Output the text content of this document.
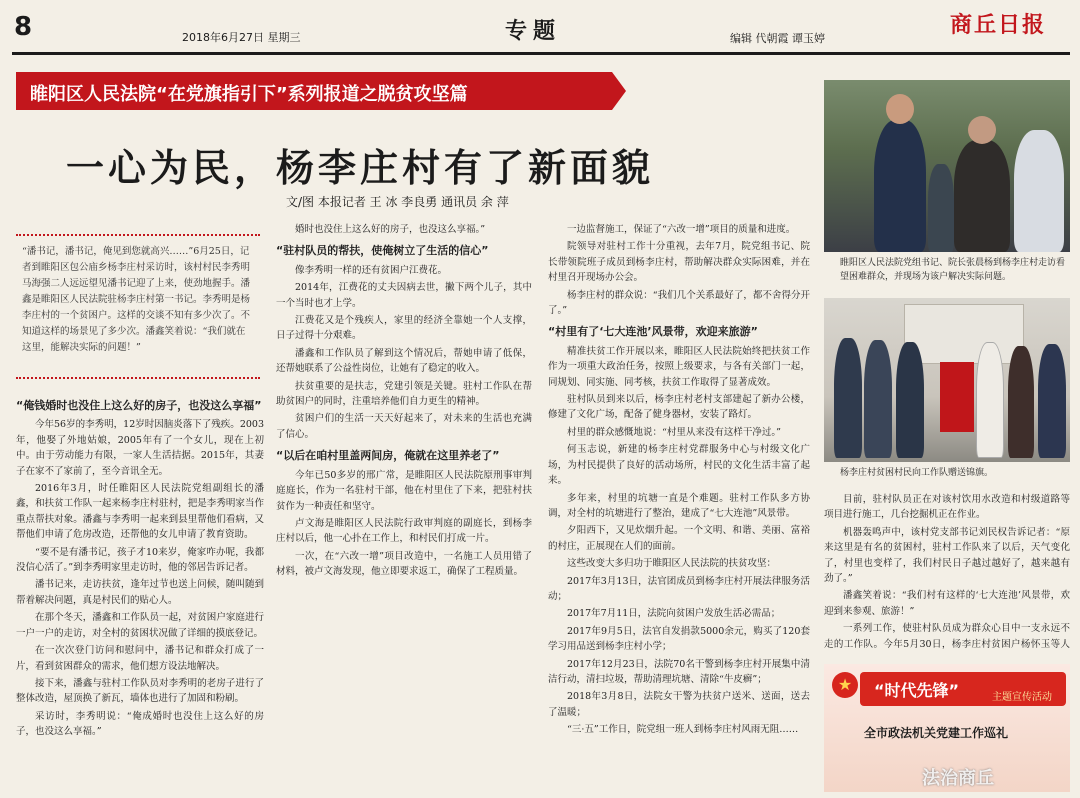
8	2018年6月27日 星期三	专题	编辑 代朝霞 谭玉婷
商丘日报
睢阳区人民法院“在党旗指引下”系列报道之脱贫攻坚篇
一心为民，杨李庄村有了新面貌
文/图 本报记者 王 冰 李良勇 通讯员 余 萍

“潘书记，潘书记，俺见到您就高兴……”6月25日，记者到睢阳区包公庙乡杨李庄村采访时，该村村民李秀明马海强二人远远望见潘书记迎了上来，使劲地握手。潘鑫是睢阳区人民法院驻杨李庄村第一书记。李秀明是杨李庄村的一个贫困户。这样的交谈不知有多少次了。不知道这样的场景见了多少次。潘鑫笑着说：“我们就在这里，能解决实际的问题！”

“俺钱婚时也没住上这么好的房子，也没这么享福”

今年56岁的李秀明，12岁时因脑炎落下了残疾。2003年，他娶了外地姑娘，2005年有了一个女儿，现在上初中。由于劳动能力有限，一家人生活拮据。2015年，其妻子在家不了家前了，至今音讯全无。

2016年3月，时任睢阳区人民法院党组副组长的潘鑫，和扶贫工作队一起来杨李庄村驻村，把是李秀明家当作重点帮扶对象。潘鑫与李秀明一起来到县里帮他们看病，又帮他们申请了危房改造，还帮他的女儿申请了教育资助。

“要不是有潘书记，孩子才10来岁，俺家咋办呢，我都没信心活了。”到李秀明家里走访时，他的邻居告诉记者。

潘书记来，走访扶贫，逢年过节也送上问候，随叫随到帮着解决问题，真是村民们的贴心人。

在那个冬天，潘鑫和工作队员一起，对贫困户家庭进行一户一户的走访，对全村的贫困状况做了详细的摸底登记。

在一次次登门访问和慰问中，潘书记和群众打成了一片，看到贫困群众的需求，他们想方设法地解决。

接下来，潘鑫与驻村工作队员对李秀明的老房子进行了整体改造，屋顶换了新瓦，墙体也进行了加固和粉刷。

采访时，李秀明说：“俺成婚时也没住上这么好的房子，也没这么享福。”

婚时也没住上这么好的房子，也没这么享福。”

“驻村队员的帮扶，使俺树立了生活的信心”

像李秀明一样的还有贫困户江费花。

2014年，江费花的丈夫因病去世，撇下两个儿子，其中一个当时也才上学。

江费花又是个残疾人，家里的经济全靠她一个人支撑，日子过得十分艰难。

潘鑫和工作队员了解到这个情况后，帮她申请了低保，还帮她联系了公益性岗位，让她有了稳定的收入。

扶贫重要的是扶志，党建引领是关键。驻村工作队在帮助贫困户的同时，注重培养他们自力更生的精神。

贫困户们的生活一天天好起来了，对未来的生活也充满了信心。

“以后在咱村里盖两间房，俺就在这里养老了”

今年已50多岁的邢广常，是睢阳区人民法院原刑事审判庭庭长，作为一名驻村干部，他在村里住了下来，把驻村扶贫作为一种责任和坚守。

卢文海是睢阳区人民法院行政审判庭的副庭长，到杨李庄村以后，他一心扑在工作上，和村民们打成一片。

一次，在“六改一增”项目改造中，一名施工人员用错了材料，被卢文海发现，他立即要求返工，确保了工程质量。

一边监督施工，保证了“六改一增”项目的质量和进度。

院领导对驻村工作十分重视，去年7月，院党组书记、院长带领院班子成员到杨李庄村，帮助解决群众实际困难，并在村里召开现场办公会。

杨李庄村的群众说：“我们几个关系最好了，都不舍得分开了。”

“村里有了‘七大连池’风景带，欢迎来旅游”

精准扶贫工作开展以来，睢阳区人民法院始终把扶贫工作作为一项重大政治任务，按照上级要求，与各有关部门一起，同规划、同实施、同考核，扶贫工作取得了显著成效。

驻村队员到来以后，杨李庄村老村支部建起了新办公楼，修建了文化广场，配备了健身器材，安装了路灯。

村里的群众感慨地说：“村里从来没有这样干净过。”

何玉志说，新建的杨李庄村党群服务中心与村级文化广场，为村民提供了良好的活动场所，村民的文化生活丰富了起来。

多年来，村里的坑塘一直是个难题。驻村工作队多方协调，对全村的坑塘进行了整治，建成了“七大连池”风景带。

夕阳西下，又见炊烟升起。一个文明、和谐、美丽、富裕的村庄，正展现在人们的面前。

这些改变大多归功于睢阳区人民法院的扶贫攻坚：

2017年3月13日，法官团成员到杨李庄村开展法律服务活动；

2017年7月11日，法院向贫困户发放生活必需品；

2017年9月5日，法官自发捐款5000余元，购买了120套学习用品送到杨李庄村小学；

2017年12月23日，法院70名干警到杨李庄村开展集中清洁行动，清扫垃圾，帮助清理坑塘、清除“牛皮癣”；

2018年3月8日，法院女干警为扶贫户送米、送面，送去了温暖；

“三·五”工作日，院党组一班人到杨李庄村风雨无阻……

睢阳区人民法院党组书记、院长张晨杨到杨李庄村走访看望困难群众，并现场为该户解决实际问题。
杨李庄村贫困村民向工作队赠送锦旗。

目前，驻村队员正在对该村饮用水改造和村级道路等项目进行施工，几台挖掘机正在作业。

机器轰鸣声中，该村党支部书记刘民权告诉记者：“原来这里是有名的贫困村，驻村工作队来了以后，天气变化了，村里也变样了，我们村民日子越过越好了，越来越有劲了。”

潘鑫笑着说：“我们村有这样的‘七大连池’风景带，欢迎到来参观、旅游！”

一系列工作，使驻村队员成为群众心目中一支永远不走的工作队。今年5月30日，杨李庄村贫困户杨怀玉等人

★	“时代先锋”	主题宣传活动
全市政法机关党建工作巡礼
法治商丘
